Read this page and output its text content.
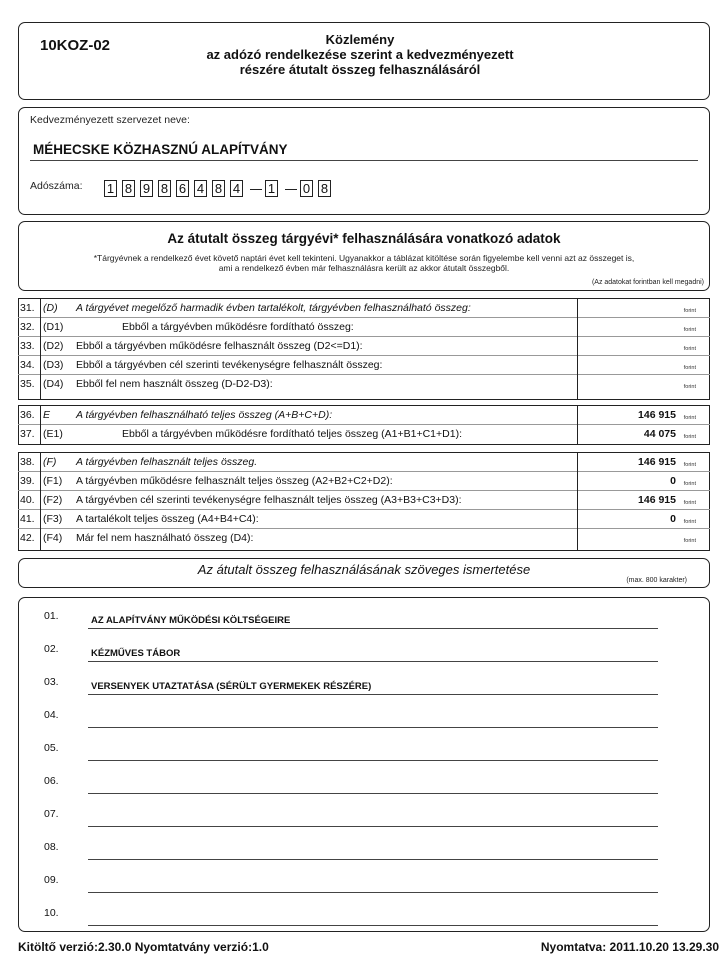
10KOZ-02	Közlemény
az adózó rendelkezése szerint a kedvezményezett
részére átutalt összeg felhasználásáról
Kedvezményezett szervezet neve:
MÉHECSKE KÖZHASZNÚ ALAPÍTVÁNY
Adószáma: 1 8 9 8 6 4 8 4 1 0 8
Az átutalt összeg tárgyévi* felhasználására vonatkozó adatok
*Tárgyévnek a rendelkező évet követő naptári évet kell tekinteni. Ugyanakkor a táblázat kitöltése során figyelembe kell venni azt az összeget is,
ami a rendelkező évben már felhasználásra került az akkor átutalt összegből.
(Az adatokat forintban kell megadni)
31. (D) A tárgyévet megelőző harmadik évben tartalékolt, tárgyévben felhasználható összeg:	forint
32. (D1)	Ebből a tárgyévben működésre fordítható összeg:	forint
33. (D2) Ebből a tárgyévben működésre felhasznált összeg (D2<=D1):	forint
34. (D3) Ebből a tárgyévben cél szerinti tevékenységre felhasznált összeg:	forint
35. (D4) Ebből fel nem használt összeg (D-D2-D3):	forint
36. E A tárgyévben felhasználható teljes összeg (A+B+C+D):	146 915 forint
37. (E1)	Ebből a tárgyévben működésre fordítható teljes összeg (A1+B1+C1+D1):	44 075 forint
38. (F) A tárgyévben felhasznált teljes összeg.	146 915 forint
39. (F1) A tárgyévben működésre felhasznált teljes összeg (A2+B2+C2+D2):	0 forint
40. (F2) A tárgyévben cél szerinti tevékenységre felhasznált teljes összeg (A3+B3+C3+D3):	146 915 forint
41. (F3) A tartalékolt teljes összeg (A4+B4+C4):	0 forint
42. (F4) Már fel nem használható összeg (D4):	forint
Az átutalt összeg felhasználásának szöveges ismertetése
(max. 800 karakter)
01.	AZ ALAPÍTVÁNY MŰKÖDÉSI KÖLTSÉGEIRE
02.	KÉZMŰVES TÁBOR
03.	VERSENYEK UTAZTATÁSA (SÉRÜLT GYERMEKEK RÉSZÉRE)
04.
05.
06.
07.
08.
09.
10.
Kitöltő verzió:2.30.0 Nyomtatvány verzió:1.0	Nyomtatva: 2011.10.20 13.29.30
